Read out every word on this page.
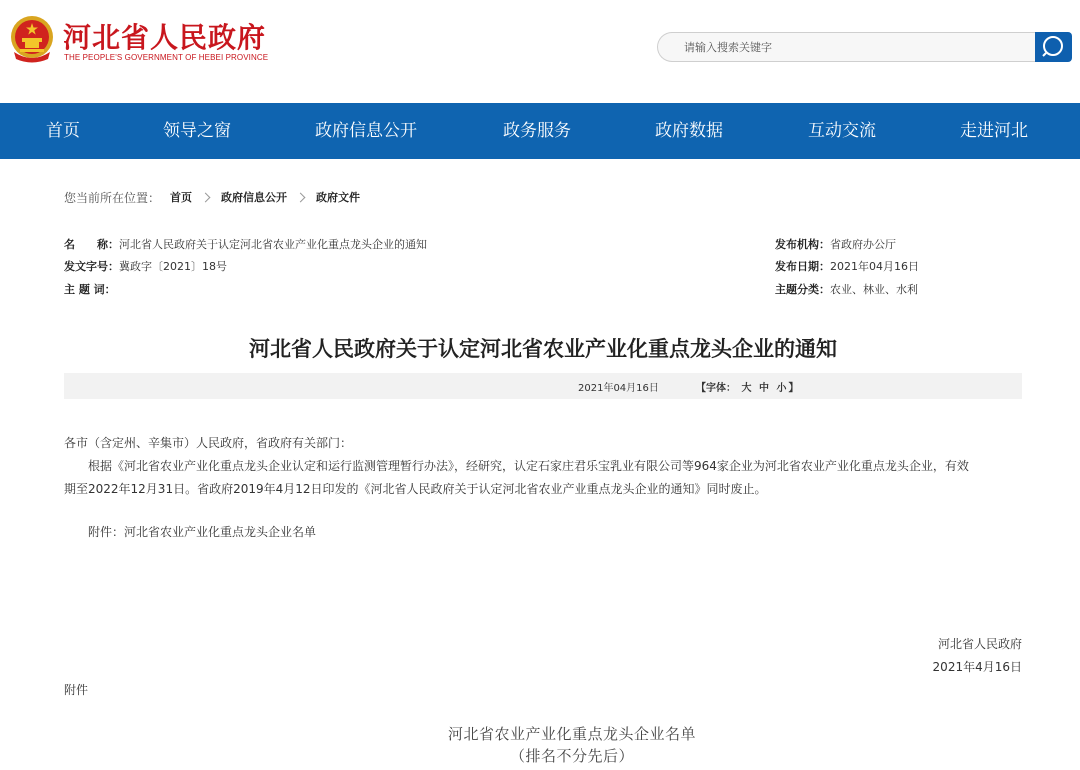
河北省人民政府
THE PEOPLE'S GOVERNMENT OF HEBEI PROVINCE
请输入搜索关键字
首页	领导之窗	政府信息公开	政务服务	政府数据	互动交流	走进河北
您当前所在位置： 首页	政府信息公开	政府文件
名　　称：河北省人民政府关于认定河北省农业产业化重点龙头企业的通知
发文字号：冀政字〔2021〕18号
主 题 词：
发布机构：省政府办公厅
发布日期：2021年04月16日
主题分类：农业、林业、水利
河北省人民政府关于认定河北省农业产业化重点龙头企业的通知
2021年04月16日	【字体： 大 中 小 】
各市（含定州、辛集市）人民政府，省政府有关部门：
根据《河北省农业产业化重点龙头企业认定和运行监测管理暂行办法》，经研究，认定石家庄君乐宝乳业有限公司等964家企业为河北省农业产业化重点龙头企业，有效
期至2022年12月31日。省政府2019年4月12日印发的《河北省人民政府关于认定河北省农业产业重点龙头企业的通知》同时废止。
附件：河北省农业产业化重点龙头企业名单
河北省人民政府
2021年4月16日
附件
河北省农业产业化重点龙头企业名单
（排名不分先后）
